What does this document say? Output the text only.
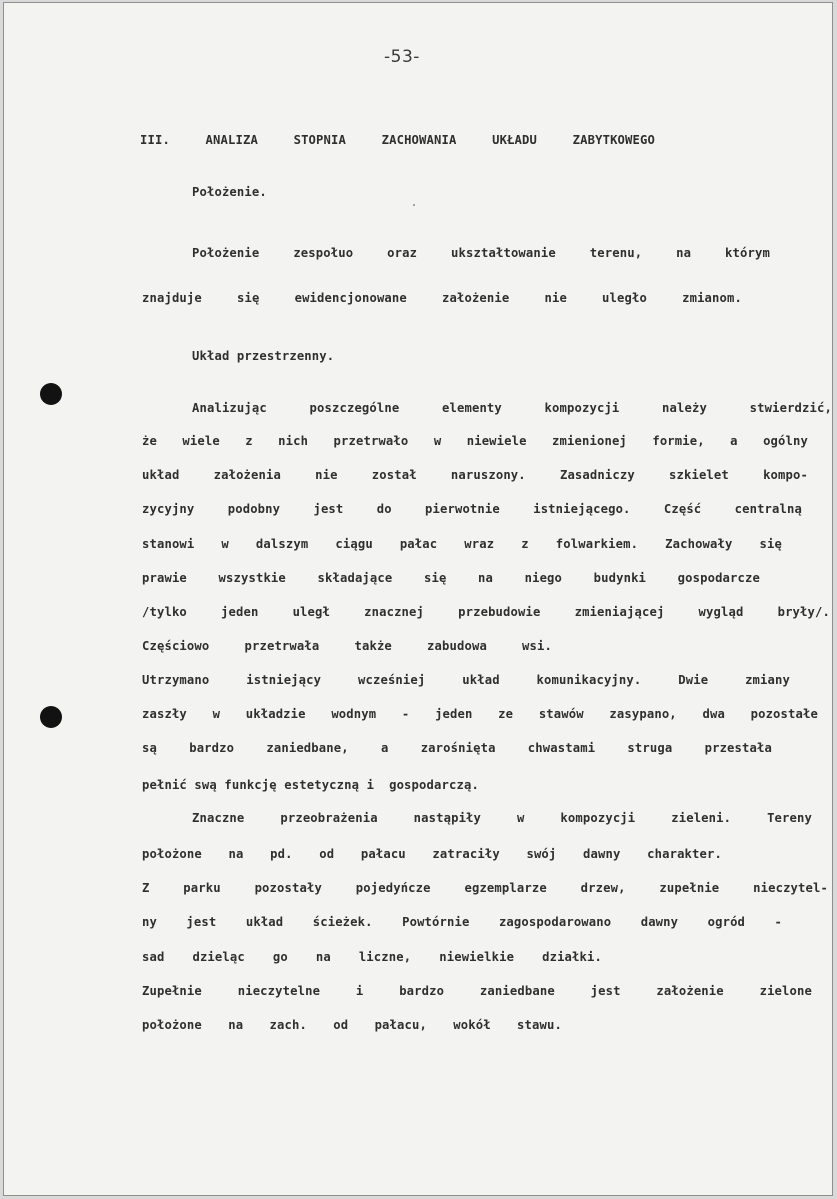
-53-
III. ANALIZA STOPNIA ZACHOWANIA UKŁADU ZABYTKOWEGO
Położenie.
Położenie zespołuo oraz ukształtowanie terenu, na którym
znajduje się ewidencjonowane założenie nie uległo zmianom.
Układ przestrzenny.
Analizując poszczególne elementy kompozycji należy stwierdzić,
że wiele z nich przetrwało w niewiele zmienionej formie, a ogólny
układ założenia nie został naruszony. Zasadniczy szkielet kompo-
zycyjny podobny jest do pierwotnie istniejącego. Część centralną
stanowi w dalszym ciągu pałac wraz z folwarkiem. Zachowały się
prawie wszystkie składające się na niego budynki gospodarcze
/tylko jeden uległ znacznej przebudowie zmieniającej wygląd bryły/.
Częściowo przetrwała także zabudowa wsi.
Utrzymano istniejący wcześniej układ komunikacyjny. Dwie zmiany
zaszły w układzie wodnym - jeden ze stawów zasypano, dwa pozostałe
są bardzo zaniedbane, a zarośnięta chwastami struga przestała
pełnić swą funkcję estetyczną i  gospodarczą.
Znaczne przeobrażenia nastąpiły w kompozycji zieleni. Tereny
położone na pd. od pałacu zatraciły swój dawny charakter.
Z parku pozostały pojedyńcze egzemplarze drzew, zupełnie nieczytel-
ny jest układ ścieżek. Powtórnie zagospodarowano dawny ogród -
sad dzieląc go na liczne, niewielkie działki.
Zupełnie nieczytelne i bardzo zaniedbane jest założenie zielone
położone na zach. od pałacu, wokół stawu.
